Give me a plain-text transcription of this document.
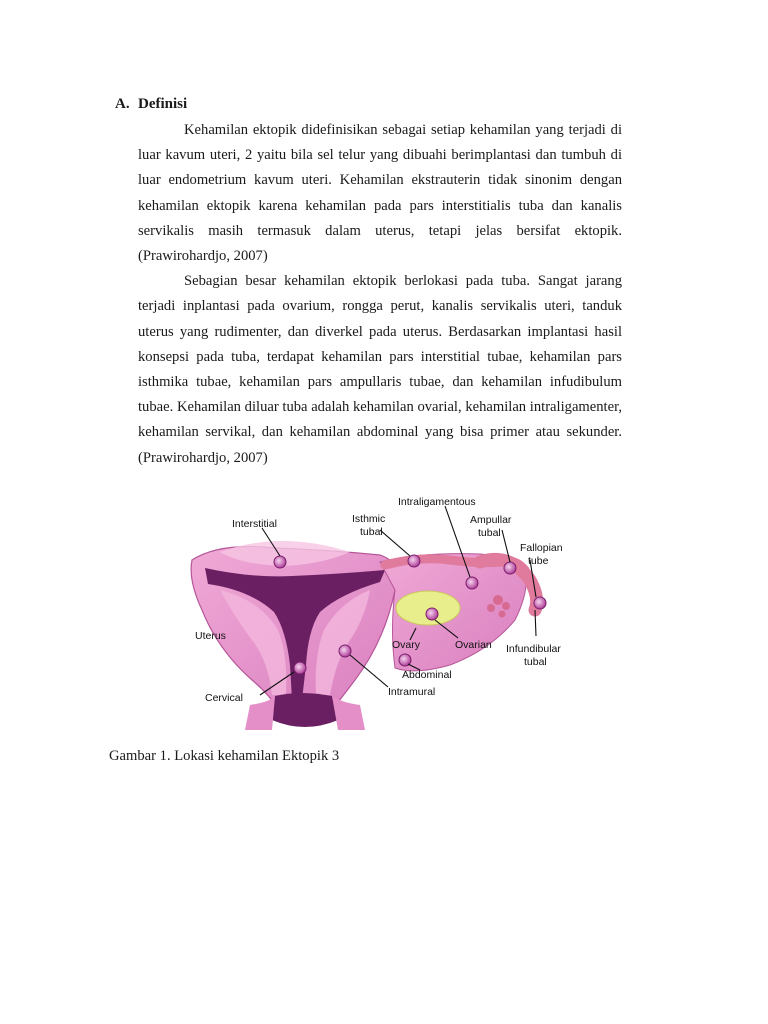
A. Definisi

Kehamilan ektopik didefinisikan sebagai setiap kehamilan yang terjadi di luar kavum uteri, 2 yaitu bila sel telur yang dibuahi berimplantasi dan tumbuh di luar endometrium kavum uteri. Kehamilan ekstrauterin tidak sinonim dengan kehamilan ektopik karena kehamilan pada pars interstitialis tuba dan kanalis servikalis masih termasuk dalam uterus, tetapi jelas bersifat ektopik.(Prawirohardjo, 2007)

Sebagian besar kehamilan ektopik berlokasi pada tuba. Sangat jarang terjadi inplantasi pada ovarium, rongga perut, kanalis servikalis uteri, tanduk uterus yang rudimenter, dan diverkel pada uterus. Berdasarkan implantasi hasil konsepsi pada tuba, terdapat kehamilan pars interstitial tubae, kehamilan pars isthmika tubae, kehamilan pars ampullaris tubae, dan kehamilan infudibulum tubae. Kehamilan diluar tuba adalah kehamilan ovarial, kehamilan intraligamenter, kehamilan servikal, dan kehamilan abdominal yang bisa primer atau sekunder.(Prawirohardjo, 2007)

Interstitial	Isthmic
tubal
Intraligamentous
Ampullar
tubal
Fallopian
tube
Uterus
Ovary	Ovarian Infundibular
tubal
Abdominal
Cervical	Intramural
Gambar 1. Lokasi kehamilan Ektopik 3
